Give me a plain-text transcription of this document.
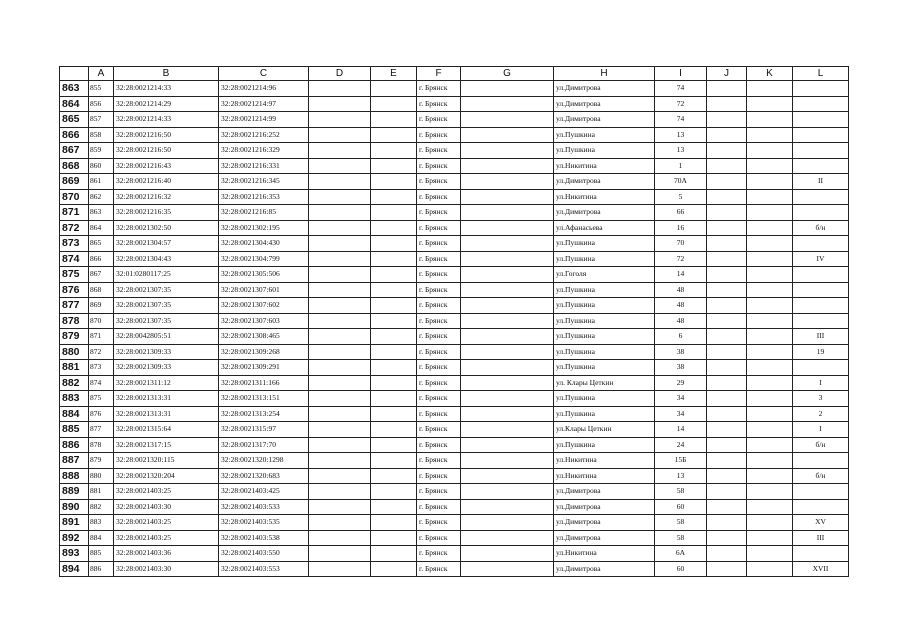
	A	B	C	D	E	F	G	H	I	J	K	L
863	855	32:28:0021214:33	32:28:0021214:96			г. Брянск		ул.Димитрова	74			
864	856	32:28:0021214:29	32:28:0021214:97			г. Брянск		ул.Димитрова	72			
865	857	32:28:0021214:33	32:28:0021214:99			г. Брянск		ул.Димитрова	74			
866	858	32:28:0021216:50	32:28:0021216:252			г. Брянск		ул.Пушкина	13			
867	859	32:28:0021216:50	32:28:0021216:329			г. Брянск		ул.Пушкина	13			
868	860	32:28:0021216:43	32:28:0021216:331			г. Брянск		ул.Никитина	1			
869	861	32:28:0021216:40	32:28:0021216:345			г. Брянск		ул.Димитрова	70А			II
870	862	32:28:0021216:32	32:28:0021216:353			г. Брянск		ул.Никитина	5			
871	863	32:28:0021216:35	32:28:0021216:85			г. Брянск		ул.Димитрова	66			
872	864	32:28:0021302:50	32:28:0021302:195			г. Брянск		ул.Афанасьева	16			б/н
873	865	32:28:0021304:57	32:28:0021304:430			г. Брянск		ул.Пушкина	70			
874	866	32:28:0021304:43	32:28:0021304:799			г. Брянск		ул.Пушкина	72			IV
875	867	32:01:0280117:25	32:28:0021305:506			г. Брянск		ул.Гоголя	14			
876	868	32:28:0021307:35	32:28:0021307:601			г. Брянск		ул.Пушкина	48			
877	869	32:28:0021307:35	32:28:0021307:602			г. Брянск		ул.Пушкина	48			
878	870	32:28:0021307:35	32:28:0021307:603			г. Брянск		ул.Пушкина	48			
879	871	32:28:0042805:51	32:28:0021308:465			г. Брянск		ул.Пушкина	6			III
880	872	32:28:0021309:33	32:28:0021309:268			г. Брянск		ул.Пушкина	38			19
881	873	32:28:0021309:33	32:28:0021309:291			г. Брянск		ул.Пушкина	38			
882	874	32:28:0021311:12	32:28:0021311:166			г. Брянск		ул. Клары Цеткин	29			I
883	875	32:28:0021313:31	32:28:0021313:151			г. Брянск		ул.Пушкина	34			3
884	876	32:28:0021313:31	32:28:0021313:254			г. Брянск		ул.Пушкина	34			2
885	877	32:28:0021315:64	32:28:0021315:97			г. Брянск		ул.Клары Цеткин	14			I
886	878	32:28:0021317:15	32:28:0021317:70			г. Брянск		ул.Пушкина	24			б/н
887	879	32:28:0021320:115	32:28:0021320:1298			г. Брянск		ул.Никитина	15Б			
888	880	32:28:0021320:204	32:28:0021320:683			г. Брянск		ул.Никитина	13			б/н
889	881	32:28:0021403:25	32:28:0021403:425			г. Брянск		ул.Димитрова	58			
890	882	32:28:0021403:30	32:28:0021403:533			г. Брянск		ул.Димитрова	60			
891	883	32:28:0021403:25	32:28:0021403:535			г. Брянск		ул.Димитрова	58			XV
892	884	32:28:0021403:25	32:28:0021403:538			г. Брянск		ул.Димитрова	58			III
893	885	32:28:0021403:36	32:28:0021403:550			г. Брянск		ул.Никитина	6А			
894	886	32:28:0021403:30	32:28:0021403:553			г. Брянск		ул.Димитрова	60			XVII
